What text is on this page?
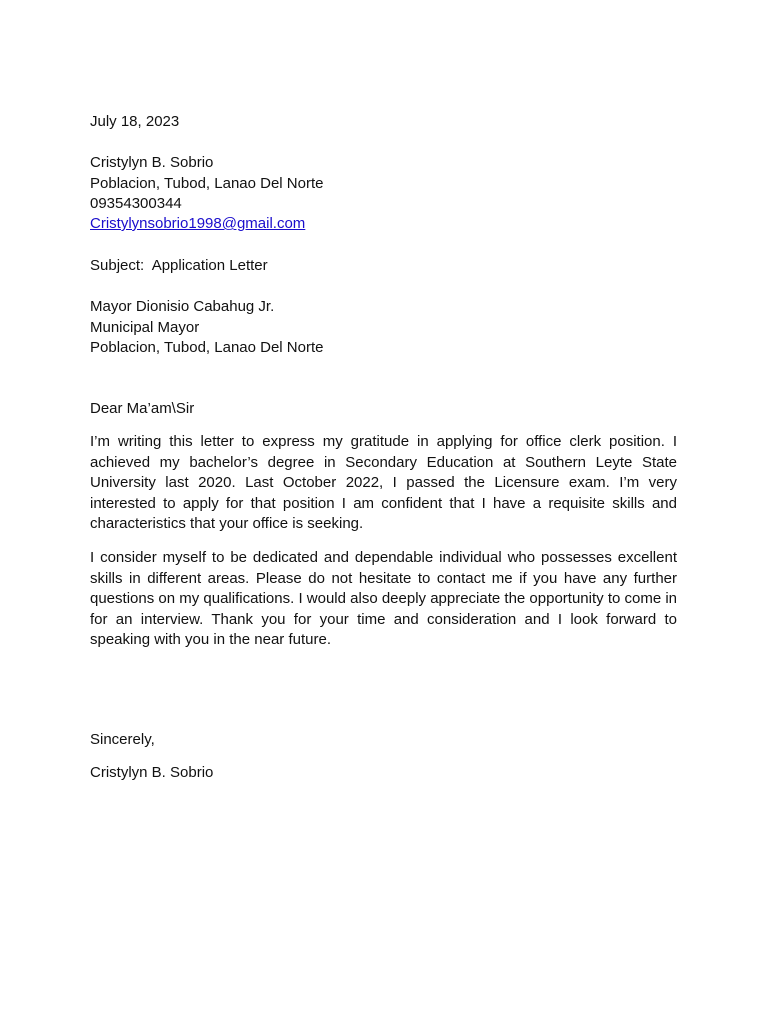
July 18, 2023
Cristylyn B. Sobrio
Poblacion, Tubod, Lanao Del Norte
09354300344
Cristylynsobrio1998@gmail.com
Subject:  Application Letter
Mayor Dionisio Cabahug Jr.
Municipal Mayor
Poblacion, Tubod, Lanao Del Norte
Dear Ma’am\Sir

I’m writing this letter to express my gratitude in applying for office clerk position. I achieved my bachelor’s degree in Secondary Education at Southern Leyte State University last 2020. Last October 2022, I passed the Licensure exam. I’m very interested to apply for that position I am confident that I have a requisite skills and characteristics that your office is seeking.

I consider myself to be dedicated and dependable individual who possesses excellent skills in different areas. Please do not hesitate to contact me if you have any further questions on my qualifications. I would also deeply appreciate the opportunity to come in for an interview. Thank you for your time and consideration and I look forward to speaking with you in the near future.

Sincerely,
Cristylyn B. Sobrio
